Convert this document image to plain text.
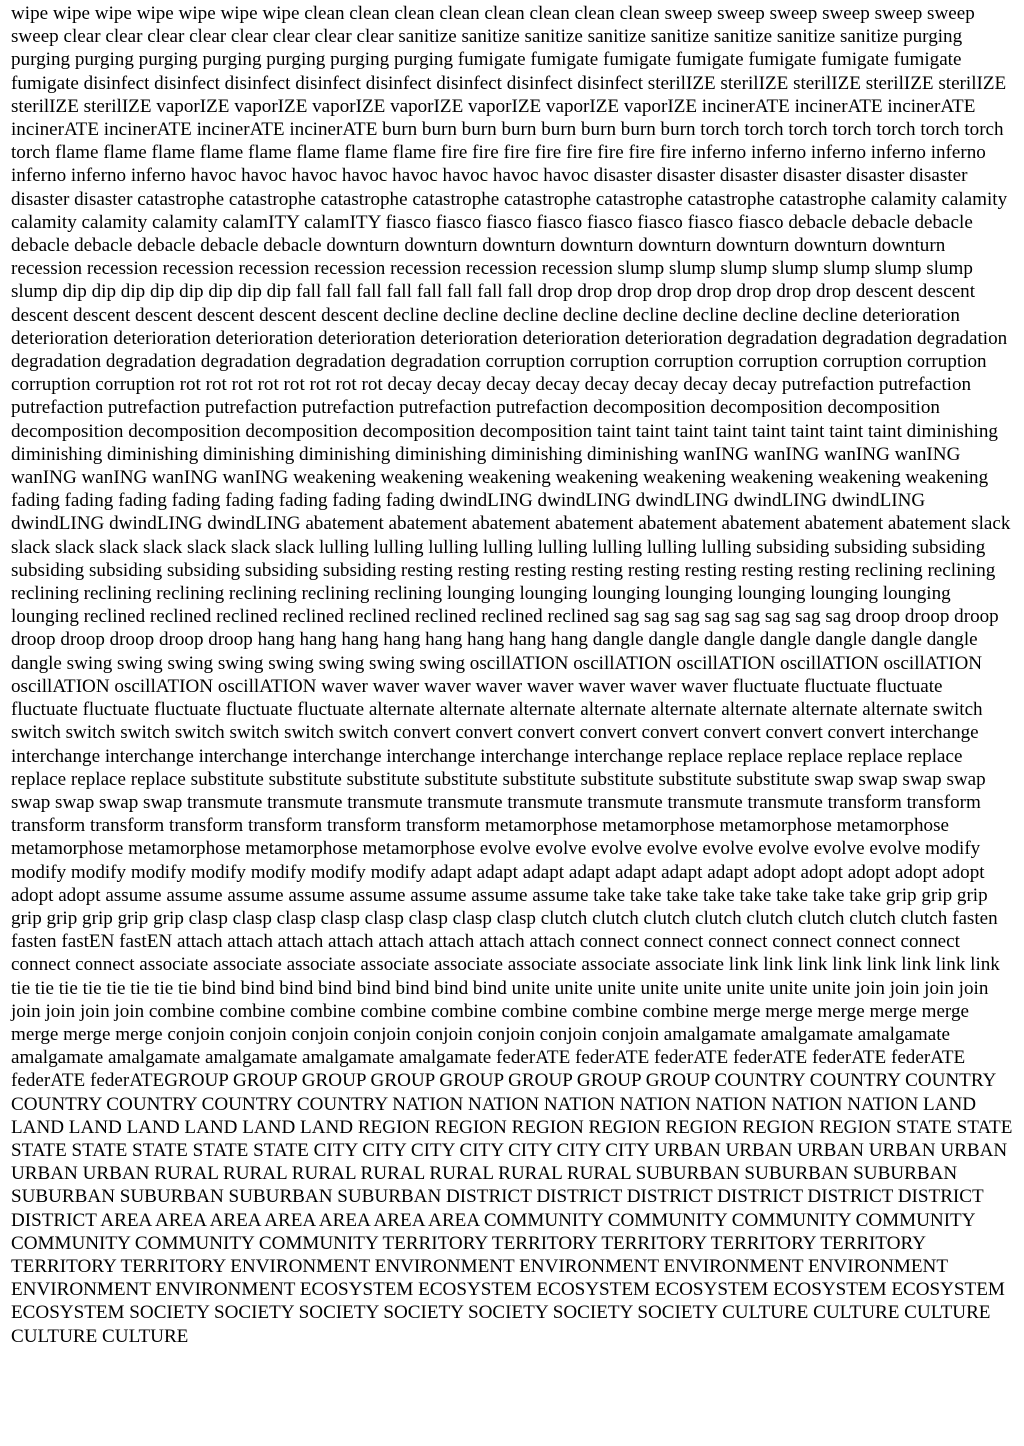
wipe wipe wipe wipe wipe wipe wipe clean clean clean clean clean clean clean clean sweep sweep sweep sweep sweep sweep sweep clear clear clear clear clear clear clear clear sanitize sanitize sanitize sanitize sanitize sanitize sanitize sanitize purging purging purging purging purging purging purging purging fumigate fumigate fumigate fumigate fumigate fumigate fumigate fumigate disinfect disinfect disinfect disinfect disinfect disinfect disinfect disinfect sterilIZE sterilIZE sterilIZE sterilIZE sterilIZE sterilIZE sterilIZE vaporIZE vaporIZE vaporIZE vaporIZE vaporIZE vaporIZE vaporIZE incinerATE incinerATE incinerATE incinerATE incinerATE incinerATE incinerATE burn burn burn burn burn burn burn burn torch torch torch torch torch torch torch torch flame flame flame flame flame flame flame flame fire fire fire fire fire fire fire fire inferno inferno inferno inferno inferno inferno inferno inferno havoc havoc havoc havoc havoc havoc havoc havoc disaster disaster disaster disaster disaster disaster disaster disaster catastrophe catastrophe catastrophe catastrophe catastrophe catastrophe catastrophe catastrophe calamity calamity calamity calamity calamity calamITY calamITY fiasco fiasco fiasco fiasco fiasco fiasco fiasco fiasco debacle debacle debacle debacle debacle debacle debacle debacle downturn downturn downturn downturn downturn downturn downturn downturn recession recession recession recession recession recession recession recession slump slump slump slump slump slump slump slump dip dip dip dip dip dip dip dip fall fall fall fall fall fall fall fall drop drop drop drop drop drop drop drop descent descent descent descent descent descent descent descent decline decline decline decline decline decline decline decline deterioration deterioration deterioration deterioration deterioration deterioration deterioration deterioration degradation degradation degradation degradation degradation degradation degradation degradation corruption corruption corruption corruption corruption corruption corruption corruption rot rot rot rot rot rot rot rot decay decay decay decay decay decay decay decay putrefaction putrefaction putrefaction putrefaction putrefaction putrefaction putrefaction putrefaction decomposition decomposition decomposition decomposition decomposition decomposition decomposition decomposition taint taint taint taint taint taint taint taint diminishing diminishing diminishing diminishing diminishing diminishing diminishing diminishing wanING wanING wanING wanING wanING wanING wanING wanING weakening weakening weakening weakening weakening weakening weakening weakening fading fading fading fading fading fading fading fading dwindLING dwindLING dwindLING dwindLING dwindLING dwindLING dwindLING dwindLING abatement abatement abatement abatement abatement abatement abatement abatement slack slack slack slack slack slack slack slack lulling lulling lulling lulling lulling lulling lulling lulling subsiding subsiding subsiding subsiding subsiding subsiding subsiding subsiding resting resting resting resting resting resting resting resting reclining reclining reclining reclining reclining reclining reclining reclining lounging lounging lounging lounging lounging lounging lounging lounging reclined reclined reclined reclined reclined reclined reclined reclined sag sag sag sag sag sag sag sag droop droop droop droop droop droop droop droop hang hang hang hang hang hang hang hang dangle dangle dangle dangle dangle dangle dangle dangle swing swing swing swing swing swing swing swing oscillATION oscillATION oscillATION oscillATION oscillATION oscillATION oscillATION oscillATION waver waver waver waver waver waver waver waver fluctuate fluctuate fluctuate fluctuate fluctuate fluctuate fluctuate fluctuate alternate alternate alternate alternate alternate alternate alternate alternate switch switch switch switch switch switch switch switch convert convert convert convert convert convert convert convert interchange interchange interchange interchange interchange interchange interchange interchange replace replace replace replace replace replace replace replace substitute substitute substitute substitute substitute substitute substitute substitute swap swap swap swap swap swap swap swap transmute transmute transmute transmute transmute transmute transmute transmute transform transform transform transform transform transform transform transform metamorphose metamorphose metamorphose metamorphose metamorphose metamorphose metamorphose metamorphose evolve evolve evolve evolve evolve evolve evolve evolve modify modify modify modify modify modify modify modify adapt adapt adapt adapt adapt adapt adapt adopt adopt adopt adopt adopt adopt adopt assume assume assume assume assume assume assume assume take take take take take take take take grip grip grip grip grip grip grip grip clasp clasp clasp clasp clasp clasp clasp clasp clutch clutch clutch clutch clutch clutch clutch clutch fasten fasten fastEN fastEN attach attach attach attach attach attach attach attach connect connect connect connect connect connect connect connect associate associate associate associate associate associate associate associate link link link link link link link link tie tie tie tie tie tie tie tie bind bind bind bind bind bind bind bind unite unite unite unite unite unite unite unite join join join join join join join join combine combine combine combine combine combine combine combine merge merge merge merge merge merge merge merge conjoin conjoin conjoin conjoin conjoin conjoin conjoin conjoin amalgamate amalgamate amalgamate amalgamate amalgamate amalgamate amalgamate amalgamate federATE federATE federATE federATE federATE federATE federATE federATEGROUP GROUP GROUP GROUP GROUP GROUP GROUP GROUP COUNTRY COUNTRY COUNTRY COUNTRY COUNTRY COUNTRY COUNTRY NATION NATION NATION NATION NATION NATION NATION LAND LAND LAND LAND LAND LAND LAND REGION REGION REGION REGION REGION REGION REGION STATE STATE STATE STATE STATE STATE STATE CITY CITY CITY CITY CITY CITY CITY URBAN URBAN URBAN URBAN URBAN URBAN URBAN RURAL RURAL RURAL RURAL RURAL RURAL RURAL SUBURBAN SUBURBAN SUBURBAN SUBURBAN SUBURBAN SUBURBAN SUBURBAN DISTRICT DISTRICT DISTRICT DISTRICT DISTRICT DISTRICT DISTRICT AREA AREA AREA AREA AREA AREA AREA COMMUNITY COMMUNITY COMMUNITY COMMUNITY COMMUNITY COMMUNITY COMMUNITY TERRITORY TERRITORY TERRITORY TERRITORY TERRITORY TERRITORY TERRITORY ENVIRONMENT ENVIRONMENT ENVIRONMENT ENVIRONMENT ENVIRONMENT ENVIRONMENT ENVIRONMENT ECOSYSTEM ECOSYSTEM ECOSYSTEM ECOSYSTEM ECOSYSTEM ECOSYSTEM ECOSYSTEM SOCIETY SOCIETY SOCIETY SOCIETY SOCIETY SOCIETY SOCIETY CULTURE CULTURE CULTURE CULTURE CULTURE
